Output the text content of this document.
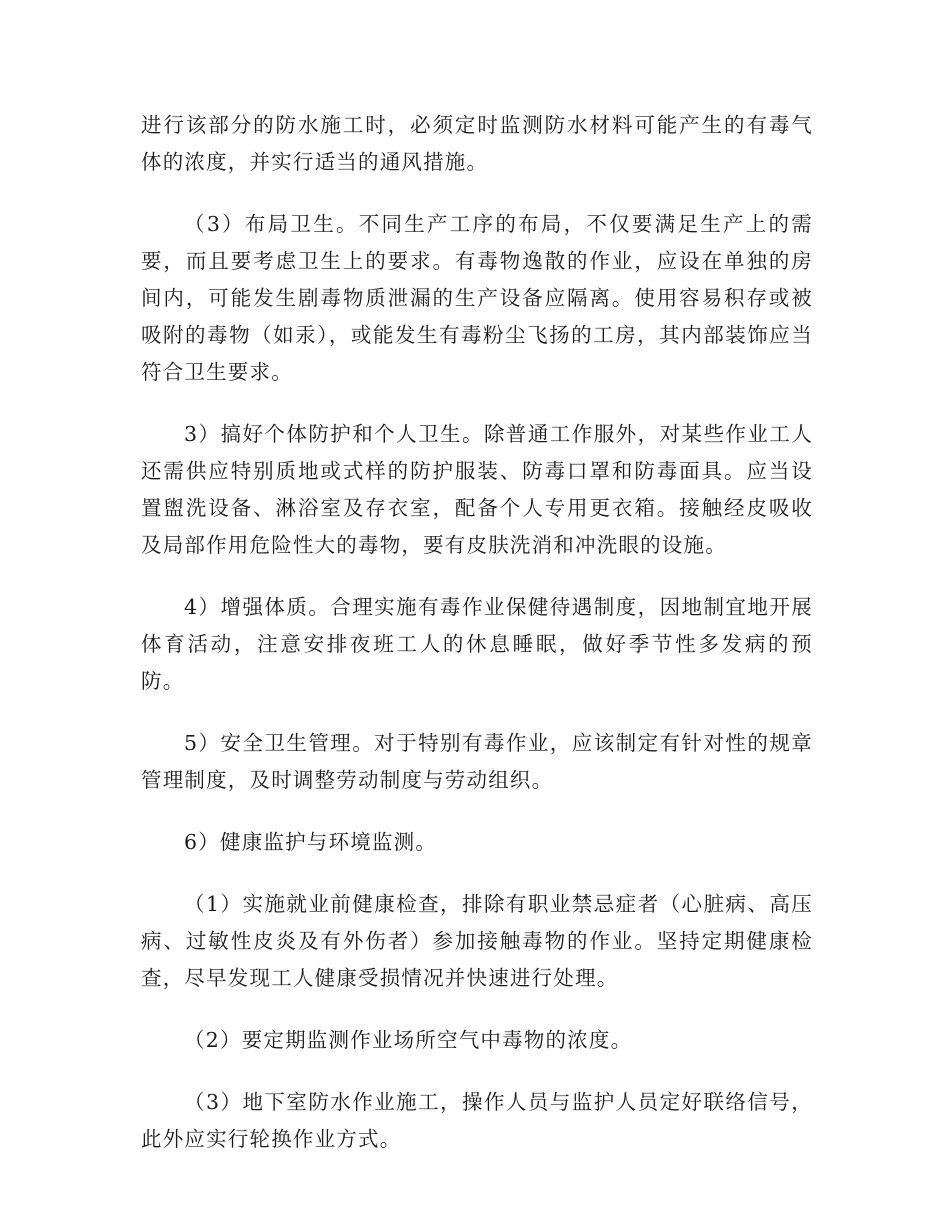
进行该部分的防水施工时，必须定时监测防水材料可能产生的有毒气体的浓度，并实行适当的通风措施。

（3）布局卫生。不同生产工序的布局，不仅要满足生产上的需要，而且要考虑卫生上的要求。有毒物逸散的作业，应设在单独的房间内，可能发生剧毒物质泄漏的生产设备应隔离。使用容易积存或被吸附的毒物（如汞），或能发生有毒粉尘飞扬的工房，其内部装饰应当符合卫生要求。

3）搞好个体防护和个人卫生。除普通工作服外，对某些作业工人还需供应特别质地或式样的防护服装、防毒口罩和防毒面具。应当设置盥洗设备、淋浴室及存衣室，配备个人专用更衣箱。接触经皮吸收及局部作用危险性大的毒物，要有皮肤洗消和冲洗眼的设施。

4）增强体质。合理实施有毒作业保健待遇制度，因地制宜地开展体育活动，注意安排夜班工人的休息睡眠，做好季节性多发病的预防。

5）安全卫生管理。对于特别有毒作业，应该制定有针对性的规章管理制度，及时调整劳动制度与劳动组织。

6）健康监护与环境监测。

（1）实施就业前健康检查，排除有职业禁忌症者（心脏病、高压病、过敏性皮炎及有外伤者）参加接触毒物的作业。坚持定期健康检查，尽早发现工人健康受损情况并快速进行处理。

（2）要定期监测作业场所空气中毒物的浓度。

（3）地下室防水作业施工，操作人员与监护人员定好联络信号，此外应实行轮换作业方式。
